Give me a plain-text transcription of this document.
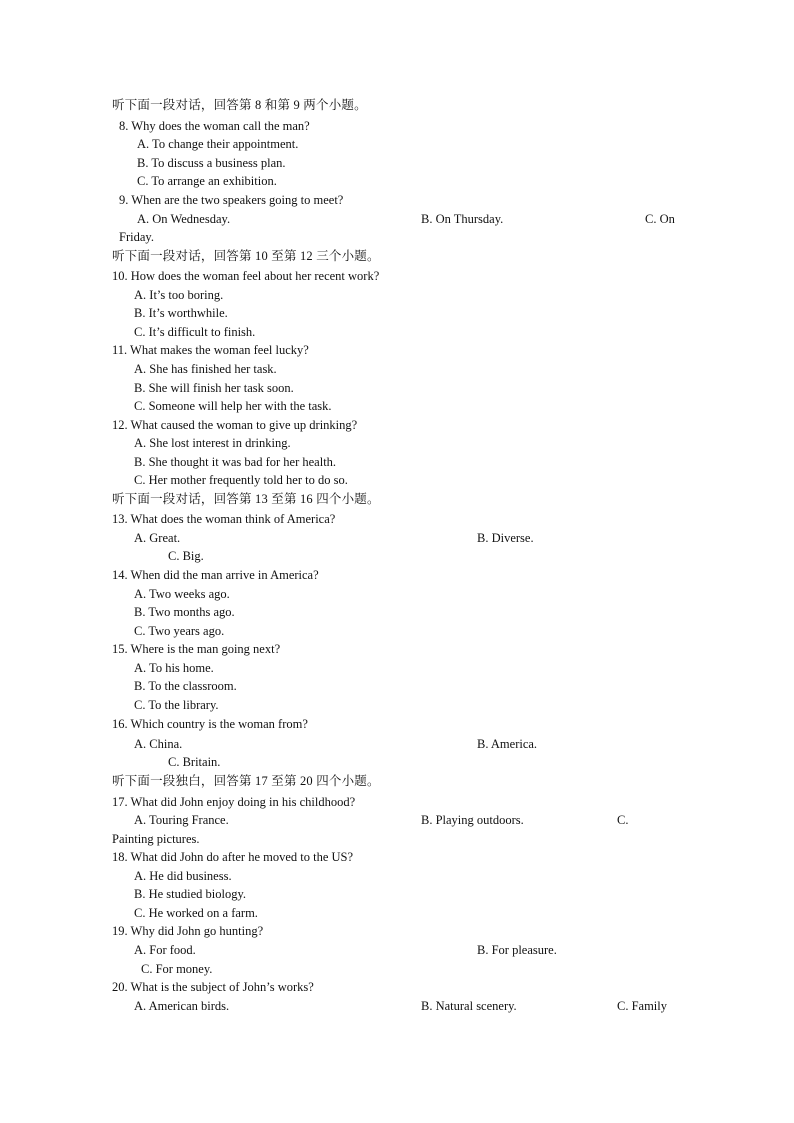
听下面一段对话，回答第 8 和第 9 两个小题。
8. Why does the woman call the man?
A. To change their appointment.
B. To discuss a business plan.
C. To arrange an exhibition.
9. When are the two speakers going to meet?
A. On Wednesday.	B. On Thursday.	C. On
Friday.
听下面一段对话，回答第 10 至第 12 三个小题。
10. How does the woman feel about her recent work?
A. It’s too boring.
B. It’s worthwhile.
C. It’s difficult to finish.
11. What makes the woman feel lucky?
A. She has finished her task.
B. She will finish her task soon.
C. Someone will help her with the task.
12. What caused the woman to give up drinking?
A. She lost interest in drinking.
B. She thought it was bad for her health.
C. Her mother frequently told her to do so.
听下面一段对话，回答第 13 至第 16 四个小题。
13. What does the woman think of America?
A. Great.	B. Diverse.
C. Big.
14. When did the man arrive in America?
A. Two weeks ago.
B. Two months ago.
C. Two years ago.
15. Where is the man going next?
A. To his home.
B. To the classroom.
C. To the library.
16. Which country is the woman from?
A. China.	B. America.
C. Britain.
听下面一段独白，回答第 17 至第 20 四个小题。
17. What did John enjoy doing in his childhood?
A. Touring France.	B. Playing outdoors.	C.
Painting pictures.
18. What did John do after he moved to the US?
A. He did business.
B. He studied biology.
C. He worked on a farm.
19. Why did John go hunting?
A. For food.	B. For pleasure.
C. For money.
20. What is the subject of John’s works?
A. American birds.	B. Natural scenery.	C. Family
